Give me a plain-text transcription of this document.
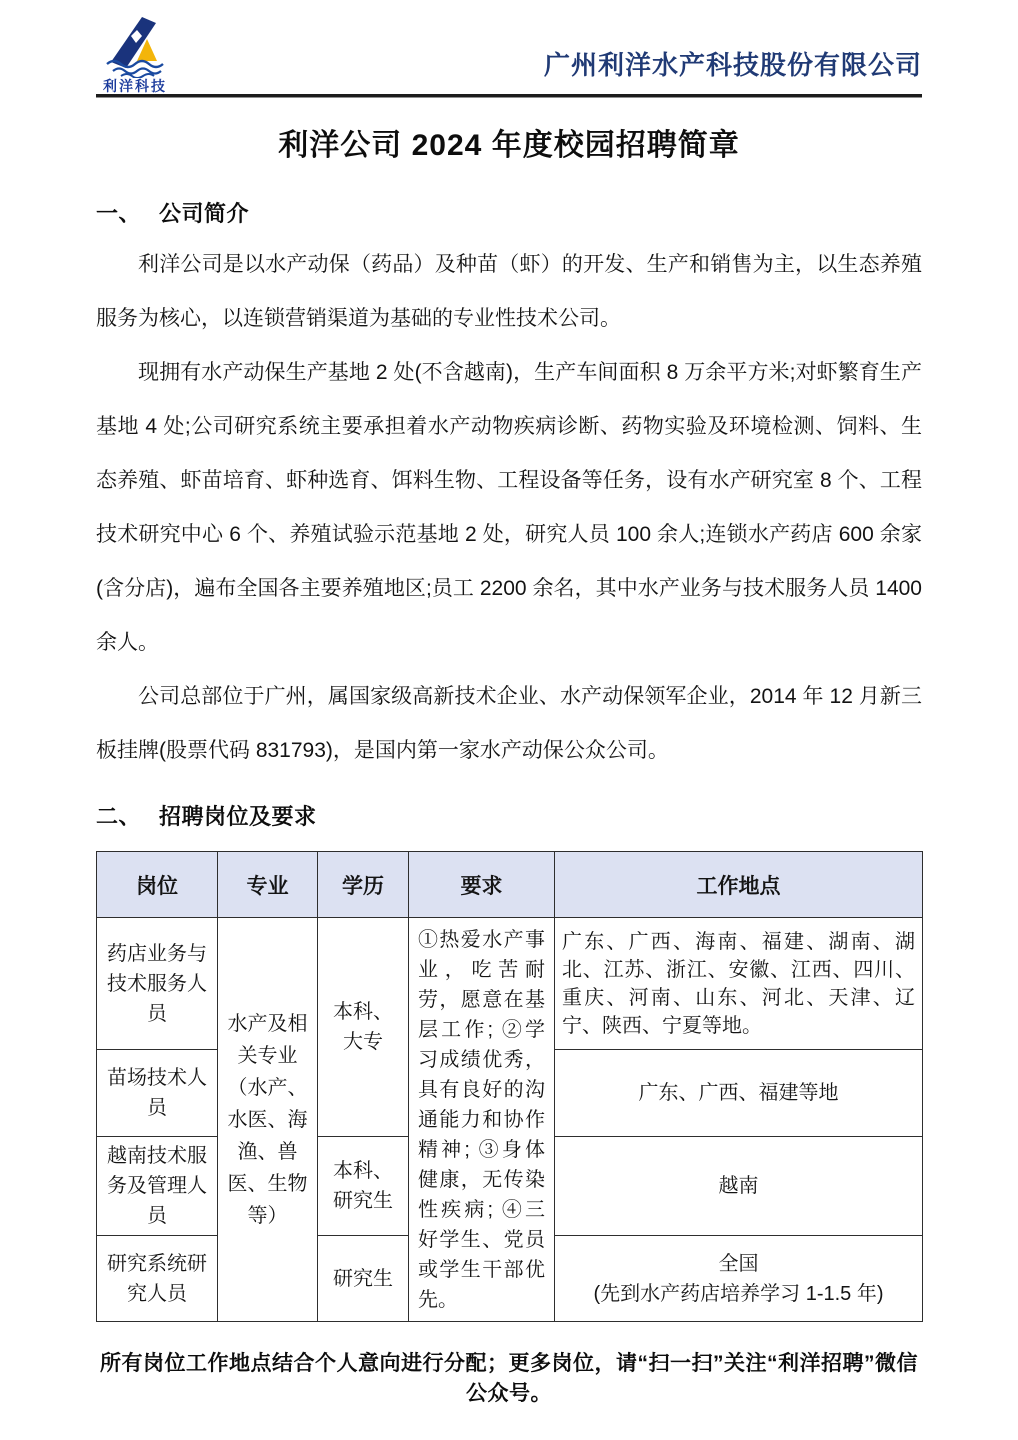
利洋科技
广州利洋水产科技股份有限公司
利洋公司 2024 年度校园招聘简章
一、 公司简介

利洋公司是以水产动保（药品）及种苗（虾）的开发、生产和销售为主，以生态养殖服务为核心，以连锁营销渠道为基础的专业性技术公司。

现拥有水产动保生产基地 2 处(不含越南)，生产车间面积 8 万余平方米;对虾繁育生产基地 4 处;公司研究系统主要承担着水产动物疾病诊断、药物实验及环境检测、饲料、生态养殖、虾苗培育、虾种选育、饵料生物、工程设备等任务，设有水产研究室 8 个、工程技术研究中心 6 个、养殖试验示范基地 2 处，研究人员 100 余人;连锁水产药店 600 余家(含分店)，遍布全国各主要养殖地区;员工 2200 余名，其中水产业务与技术服务人员 1400 余人。

公司总部位于广州，属国家级高新技术企业、水产动保领军企业，2014 年 12 月新三板挂牌(股票代码 831793)，是国内第一家水产动保公众公司。

二、 招聘岗位及要求
岗位	专业	学历	要求	工作地点
药店业务与技术服务人员	水产及相关专业（水产、水医、海渔、兽医、生物等）	本科、大专	①热爱水产事业，吃苦耐劳，愿意在基层工作; ②学习成绩优秀，具有良好的沟通能力和协作精神; ③身体健康，无传染性疾病; ④三好学生、党员或学生干部优先。	广东、广西、海南、福建、湖南、湖北、江苏、浙江、安徽、江西、四川、重庆、河南、山东、河北、天津、辽宁、陕西、宁夏等地。
苗场技术人员				广东、广西、福建等地
越南技术服务及管理人员		本科、研究生		越南
研究系统研究人员		研究生		全国
(先到水产药店培养学习 1-1.5 年)
所有岗位工作地点结合个人意向进行分配；更多岗位，请“扫一扫”关注“利洋招聘”微信公众号。
